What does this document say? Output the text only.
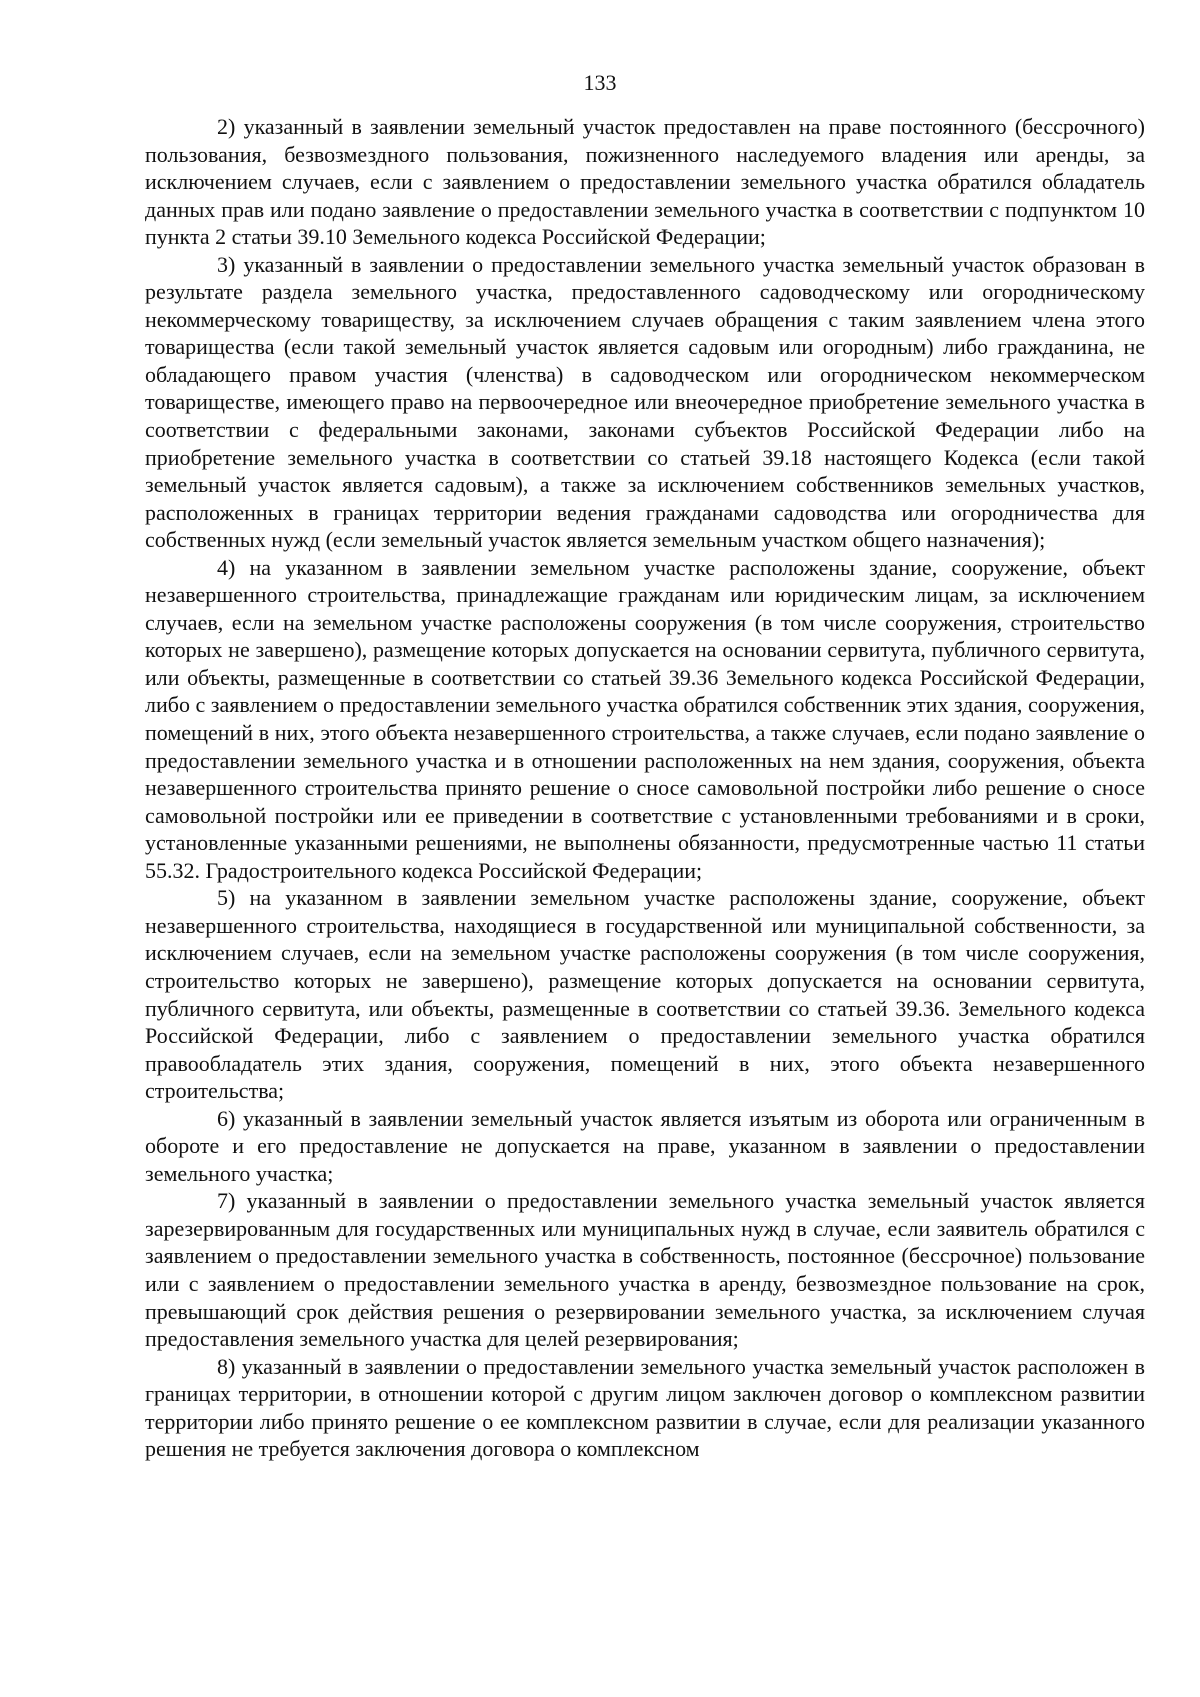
133

2) указанный в заявлении земельный участок предоставлен на праве постоянного (бессрочного) пользования, безвозмездного пользования, пожизненного наследуемого владения или аренды, за исключением случаев, если с заявлением о предоставлении земельного участка обратился обладатель данных прав или подано заявление о предоставлении земельного участка в соответствии с подпунктом 10 пункта 2 статьи 39.10 Земельного кодекса Российской Федерации;

3) указанный в заявлении о предоставлении земельного участка земельный участок образован в результате раздела земельного участка, предоставленного садоводческому или огородническому некоммерческому товариществу, за исключением случаев обращения с таким заявлением члена этого товарищества (если такой земельный участок является садовым или огородным) либо гражданина, не обладающего правом участия (членства) в садоводческом или огородническом некоммерческом товариществе, имеющего право на первоочередное или внеочередное приобретение земельного участка в соответствии с федеральными законами, законами субъектов Российской Федерации либо на приобретение земельного участка в соответствии со статьей 39.18 настоящего Кодекса (если такой земельный участок является садовым), а также за исключением собственников земельных участков, расположенных в границах территории ведения гражданами садоводства или огородничества для собственных нужд (если земельный участок является земельным участком общего назначения);

4) на указанном в заявлении земельном участке расположены здание, сооружение, объект незавершенного строительства, принадлежащие гражданам или юридическим лицам, за исключением случаев, если на земельном участке расположены сооружения (в том числе сооружения, строительство которых не завершено), размещение которых допускается на основании сервитута, публичного сервитута, или объекты, размещенные в соответствии со статьей 39.36 Земельного кодекса Российской Федерации, либо с заявлением о предоставлении земельного участка обратился собственник этих здания, сооружения, помещений в них, этого объекта незавершенного строительства, а также случаев, если подано заявление о предоставлении земельного участка и в отношении расположенных на нем здания, сооружения, объекта незавершенного строительства принято решение о сносе самовольной постройки либо решение о сносе самовольной постройки или ее приведении в соответствие с установленными требованиями и в сроки, установленные указанными решениями, не выполнены обязанности, предусмотренные частью 11 статьи 55.32. Градостроительного кодекса Российской Федерации;

5) на указанном в заявлении земельном участке расположены здание, сооружение, объект незавершенного строительства, находящиеся в государственной или муниципальной собственности, за исключением случаев, если на земельном участке расположены сооружения (в том числе сооружения, строительство которых не завершено), размещение которых допускается на основании сервитута, публичного сервитута, или объекты, размещенные в соответствии со статьей 39.36. Земельного кодекса Российской Федерации, либо с заявлением о предоставлении земельного участка обратился правообладатель этих здания, сооружения, помещений в них, этого объекта незавершенного строительства;

6) указанный в заявлении земельный участок является изъятым из оборота или ограниченным в обороте и его предоставление не допускается на праве, указанном в заявлении о предоставлении земельного участка;

7) указанный в заявлении о предоставлении земельного участка земельный участок является зарезервированным для государственных или муниципальных нужд в случае, если заявитель обратился с заявлением о предоставлении земельного участка в собственность, постоянное (бессрочное) пользование или с заявлением о предоставлении земельного участка в аренду, безвозмездное пользование на срок, превышающий срок действия решения о резервировании земельного участка, за исключением случая предоставления земельного участка для целей резервирования;

8) указанный в заявлении о предоставлении земельного участка земельный участок расположен в границах территории, в отношении которой с другим лицом заключен договор о комплексном развитии территории либо принято решение о ее комплексном развитии в случае, если для реализации указанного решения не требуется заключения договора о комплексном
